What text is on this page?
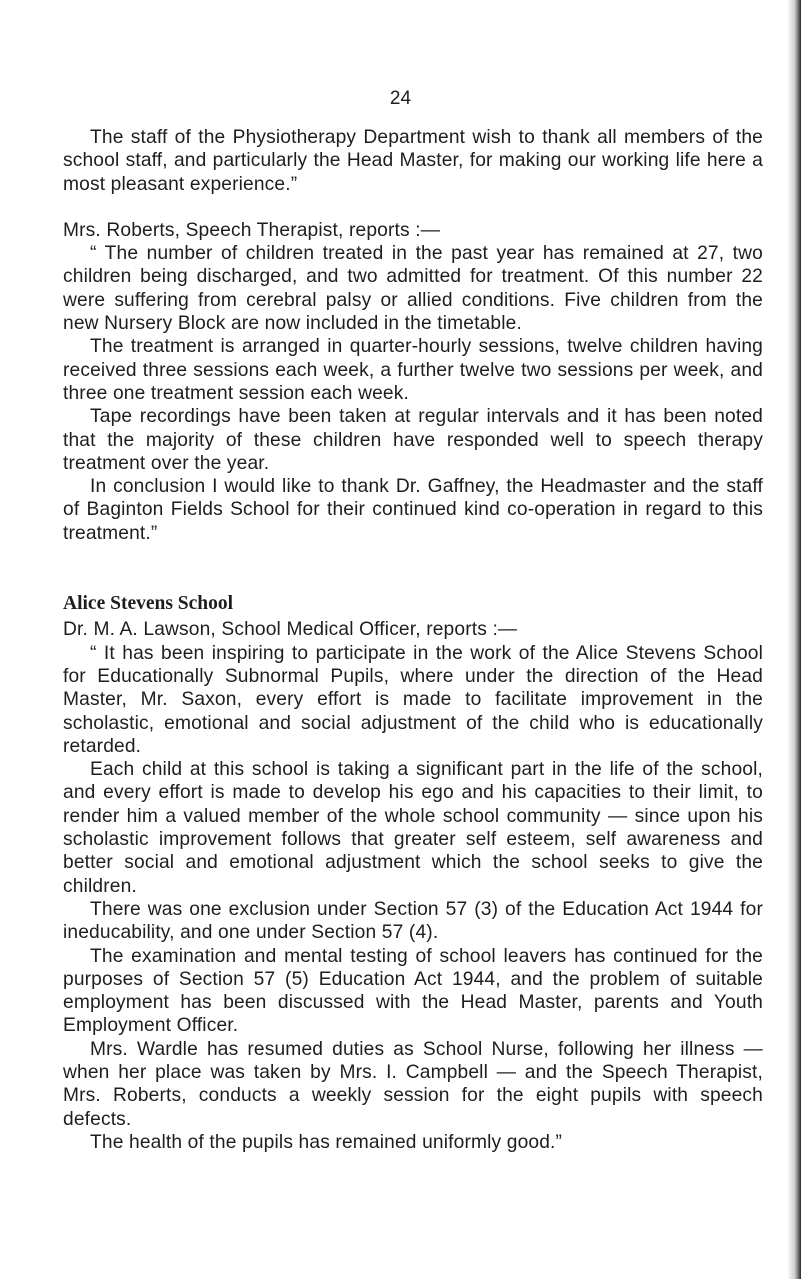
24

The staff of the Physiotherapy Department wish to thank all members of the school staff, and particularly the Head Master, for making our working life here a most pleasant experience.”

Mrs. Roberts, Speech Therapist, reports :—

“ The number of children treated in the past year has remained at 27, two children being discharged, and two admitted for treatment. Of this number 22 were suffering from cerebral palsy or allied conditions. Five children from the new Nursery Block are now included in the timetable.

The treatment is arranged in quarter-hourly sessions, twelve children having received three sessions each week, a further twelve two sessions per week, and three one treatment session each week.

Tape recordings have been taken at regular intervals and it has been noted that the majority of these children have responded well to speech therapy treatment over the year.

In conclusion I would like to thank Dr. Gaffney, the Headmaster and the staff of Baginton Fields School for their continued kind co-operation in regard to this treatment.”

Alice Stevens School

Dr. M. A. Lawson, School Medical Officer, reports :—

“ It has been inspiring to participate in the work of the Alice Stevens School for Educationally Subnormal Pupils, where under the direction of the Head Master, Mr. Saxon, every effort is made to facilitate improvement in the scholastic, emotional and social adjustment of the child who is educationally retarded.

Each child at this school is taking a significant part in the life of the school, and every effort is made to develop his ego and his capacities to their limit, to render him a valued member of the whole school community — since upon his scholastic improvement follows that greater self esteem, self awareness and better social and emotional adjustment which the school seeks to give the children.

There was one exclusion under Section 57 (3) of the Education Act 1944 for ineducability, and one under Section 57 (4).

The examination and mental testing of school leavers has continued for the purposes of Section 57 (5) Education Act 1944, and the problem of suitable employment has been discussed with the Head Master, parents and Youth Employment Officer.

Mrs. Wardle has resumed duties as School Nurse, following her illness — when her place was taken by Mrs. I. Campbell — and the Speech Therapist, Mrs. Roberts, conducts a weekly session for the eight pupils with speech defects.

The health of the pupils has remained uniformly good.”
